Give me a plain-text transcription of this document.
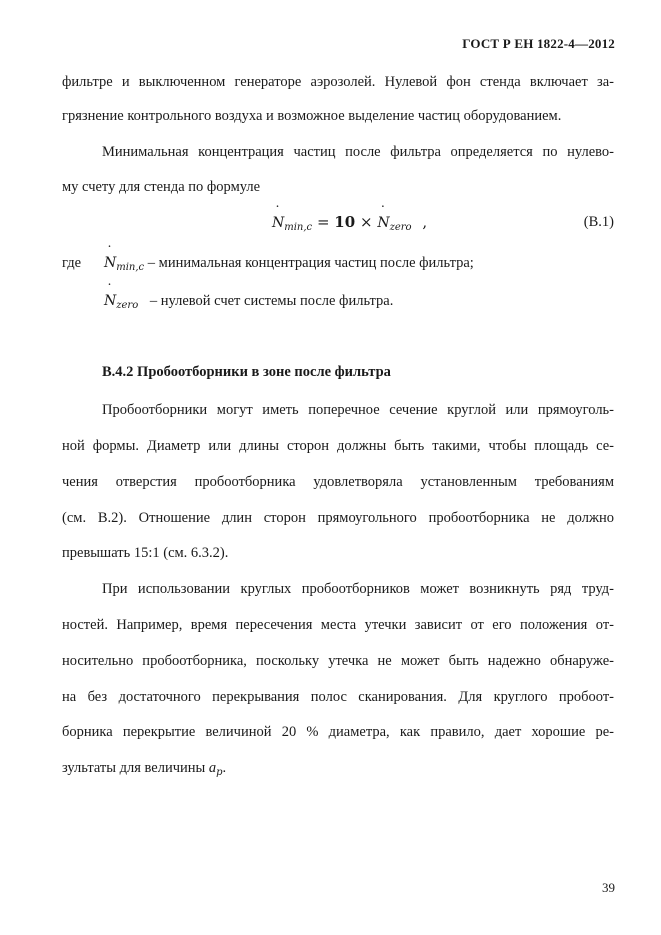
ГОСТ Р ЕН 1822-4—2012
фильтре и выключенном генераторе аэрозолей. Нулевой фон стенда включает за-
грязнение контрольного воздуха и возможное выделение частиц оборудованием.
Минимальная концентрация частиц после фильтра определяется по нулево-
му счету для стенда по формуле
˙ $N_{min,c} = 10$ × ˙ $N_{zero}$ ,	(B.1)
где ˙ $N_{min,c}$ – минимальная концентрация частиц после фильтра;
˙ $N_{zero}$ – нулевой счет системы после фильтра.
B.4.2 Пробоотборники в зоне после фильтра
Пробоотборники могут иметь поперечное сечение круглой или прямоуголь-
ной формы. Диаметр или длины сторон должны быть такими, чтобы площадь се-
чения отверстия пробоотборника удовлетворяла установленным требованиям
(см. B.2). Отношение длин сторон прямоугольного пробоотборника не должно
превышать 15:1 (см. 6.3.2).
При использовании круглых пробоотборников может возникнуть ряд труд-
ностей. Например, время пересечения места утечки зависит от его положения от-
носительно пробоотборника, поскольку утечка не может быть надежно обнаруже-
на без достаточного перекрывания полос сканирования. Для круглого пробоот-
борника перекрытие величиной 20 % диаметра, как правило, дает хорошие ре-
зультаты для величины $a_p$.
39
